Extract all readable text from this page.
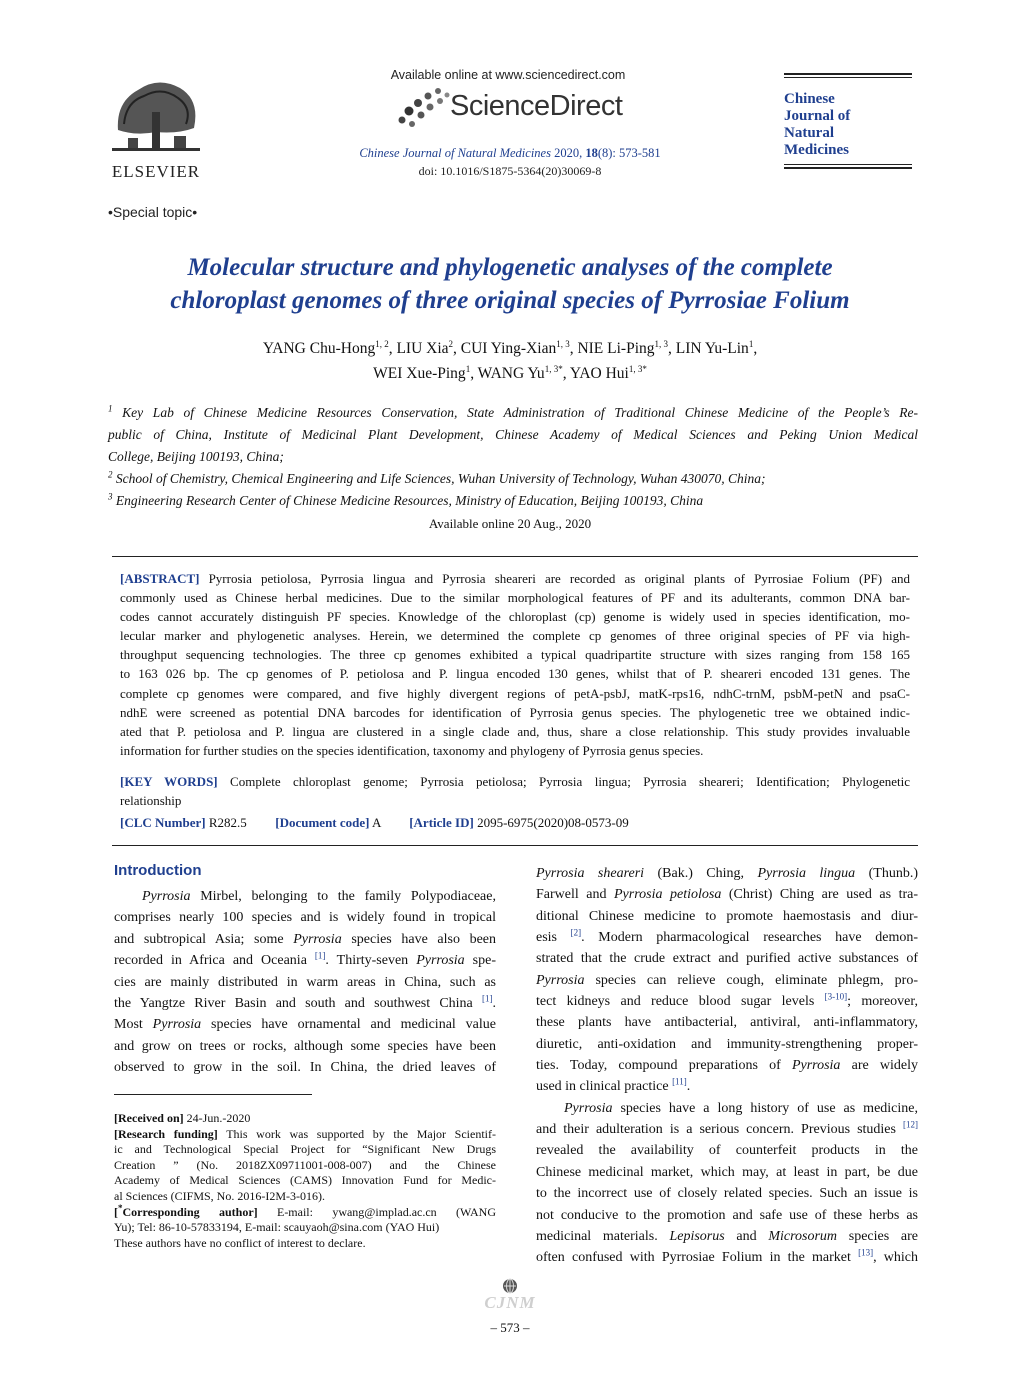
ELSEVIER
Available online at www.sciencedirect.com
ScienceDirect
Chinese Journal of Natural Medicines 2020, 18(8): 573-581
doi: 10.1016/S1875-5364(20)30069-8
Chinese
Journal of
Natural
Medicines
•Special topic•
Molecular structure and phylogenetic analyses of the complete
chloroplast genomes of three original species of Pyrrosiae Folium
YANG Chu-Hong$^{1, 2}$, LIU Xia$^2$, CUI Ying-Xian$^{1, 3}$, NIE Li-Ping$^{1, 3}$, LIN Yu-Lin$^1$,
WEI Xue-Ping$^1$, WANG $Yu^{1, 3*}$, YAO Hui$^{1, 3*}$
$^1$ Key Lab of Chinese Medicine Resources Conservation, State Administration of Traditional Chinese Medicine of the People’s Re-
public of China, Institute of Medicinal Plant Development, Chinese Academy of Medical Sciences and Peking Union Medical
College, Beijing 100193, China;
$^2$ School of Chemistry, Chemical Engineering and Life Sciences, Wuhan University of Technology, Wuhan 430070, China;
$^3$ Engineering Research Center of Chinese Medicine Resources, Ministry of Education, Beijing 100193, China
Available online 20 Aug., 2020
[ABSTRACT] Pyrrosia petiolosa, Pyrrosia lingua and Pyrrosia sheareri are recorded as original plants of Pyrrosiae Folium (PF) and
commonly used as Chinese herbal medicines. Due to the similar morphological features of PF and its adulterants, common DNA bar-
codes cannot accurately distinguish PF species. Knowledge of the chloroplast (cp) genome is widely used in species identification, mo-
lecular marker and phylogenetic analyses. Herein, we determined the complete cp genomes of three original species of PF via high-
throughput sequencing technologies. The three cp genomes exhibited a typical quadripartite structure with sizes ranging from 158 165
to 163 026 bp. The cp genomes of P. petiolosa and P. lingua encoded 130 genes, whilst that of P. sheareri encoded 131 genes. The
complete cp genomes were compared, and five highly divergent regions of petA-psbJ, matK-rps16, ndhC-trnM, psbM-petN and psaC-
ndhE were screened as potential DNA barcodes for identification of Pyrrosia genus species. The phylogenetic tree we obtained indic-
ated that P. petiolosa and P. lingua are clustered in a single clade and, thus, share a close relationship. This study provides invaluable
information for further studies on the species identification, taxonomy and phylogeny of Pyrrosia genus species.
[KEY WORDS] Complete chloroplast genome; Pyrrosia petiolosa; Pyrrosia lingua; Pyrrosia sheareri; Identification; Phylogenetic
relationship
[CLC Number] R282.5 [Document code] A [Article ID] 2095-6975(2020)08-0573-09
Introduction
Pyrrosia Mirbel, belonging to the family Polypodiaceae,
comprises nearly 100 species and is widely found in tropical
and subtropical Asia; some Pyrrosia species have also been
recorded in Africa and Oceania [1]. Thirty-seven Pyrrosia spe-
cies are mainly distributed in warm areas in China, such as
the Yangtze River Basin and south and southwest China [1].
Most Pyrrosia species have ornamental and medicinal value
and grow on trees or rocks, although some species have been
observed to grow in the soil. In China, the dried leaves of
[Received on] 24-Jun.-2020
[Research funding] This work was supported by the Major Scientif-
ic and Technological Special Project for “Significant New Drugs
Creation ” (No. 2018ZX09711001-008-007) and the Chinese
Academy of Medical Sciences (CAMS) Innovation Fund for Medic-
al Sciences (CIFMS, No. 2016-I2M-3-016).
[*Corresponding author] E-mail: ywang@implad.ac.cn (WANG
Yu); Tel: 86-10-57833194, E-mail: scauyaoh@sina.com (YAO Hui)
These authors have no conflict of interest to declare.
Pyrrosia sheareri (Bak.) Ching, Pyrrosia lingua (Thunb.)
Farwell and Pyrrosia petiolosa (Christ) Ching are used as tra-
ditional Chinese medicine to promote haemostasis and diur-
esis [2]. Modern pharmacological researches have demon-
strated that the crude extract and purified active substances of
Pyrrosia species can relieve cough, eliminate phlegm, pro-
tect kidneys and reduce blood sugar levels [3-10]; moreover,
these plants have antibacterial, antiviral, anti-inflammatory,
diuretic, anti-oxidation and immunity-strengthening proper-
ties. Today, compound preparations of Pyrrosia are widely
used in clinical practice [11].
Pyrrosia species have a long history of use as medicine,
and their adulteration is a serious concern. Previous studies [12]
revealed the availability of counterfeit products in the
Chinese medicinal market, which may, at least in part, be due
to the incorrect use of closely related species. Such an issue is
not conducive to the promotion and safe use of these herbs as
medicinal materials. Lepisorus and Microsorum species are
often confused with Pyrrosiae Folium in the market [13], which
CJNM
– 573 –
